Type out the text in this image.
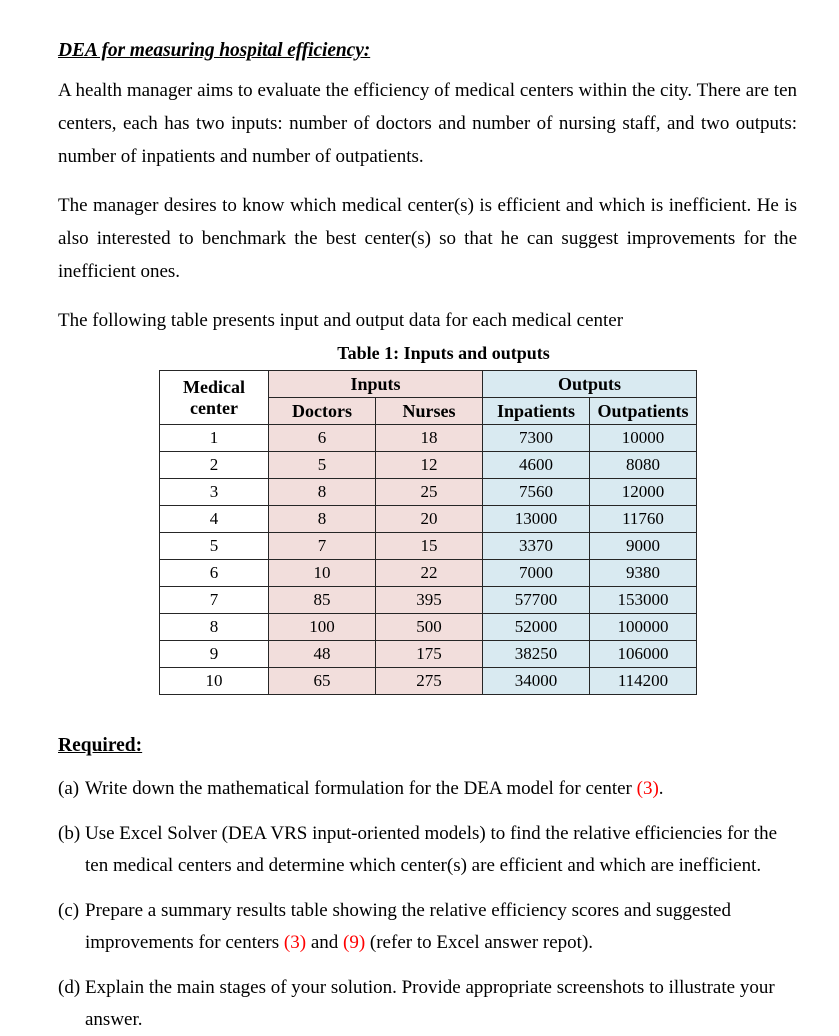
DEA for measuring hospital efficiency:

A health manager aims to evaluate the efficiency of medical centers within the city. There are ten centers, each has two inputs: number of doctors and number of nursing staff, and two outputs: number of inpatients and number of outpatients.

The manager desires to know which medical center(s) is efficient and which is inefficient. He is also interested to benchmark the best center(s) so that he can suggest improvements for the inefficient ones.

The following table presents input and output data for each medical center

Table 1: Inputs and outputs
Medical
center	Inputs		Outputs	
	Doctors	Nurses	Inpatients	Outpatients
1	6	18	7300	10000
2	5	12	4600	8080
3	8	25	7560	12000
4	8	20	13000	11760
5	7	15	3370	9000
6	10	22	7000	9380
7	85	395	57700	153000
8	100	500	52000	100000
9	48	175	38250	106000
10	65	275	34000	114200
Required:
(a) Write down the mathematical formulation for the DEA model for center (3).
(b) Use Excel Solver (DEA VRS input-oriented models) to find the relative efficiencies for the ten medical centers and determine which center(s) are efficient and which are inefficient.
(c) Prepare a summary results table showing the relative efficiency scores and suggested improvements for centers (3) and (9) (refer to Excel answer repot).
(d) Explain the main stages of your solution. Provide appropriate screenshots to illustrate your answer.
